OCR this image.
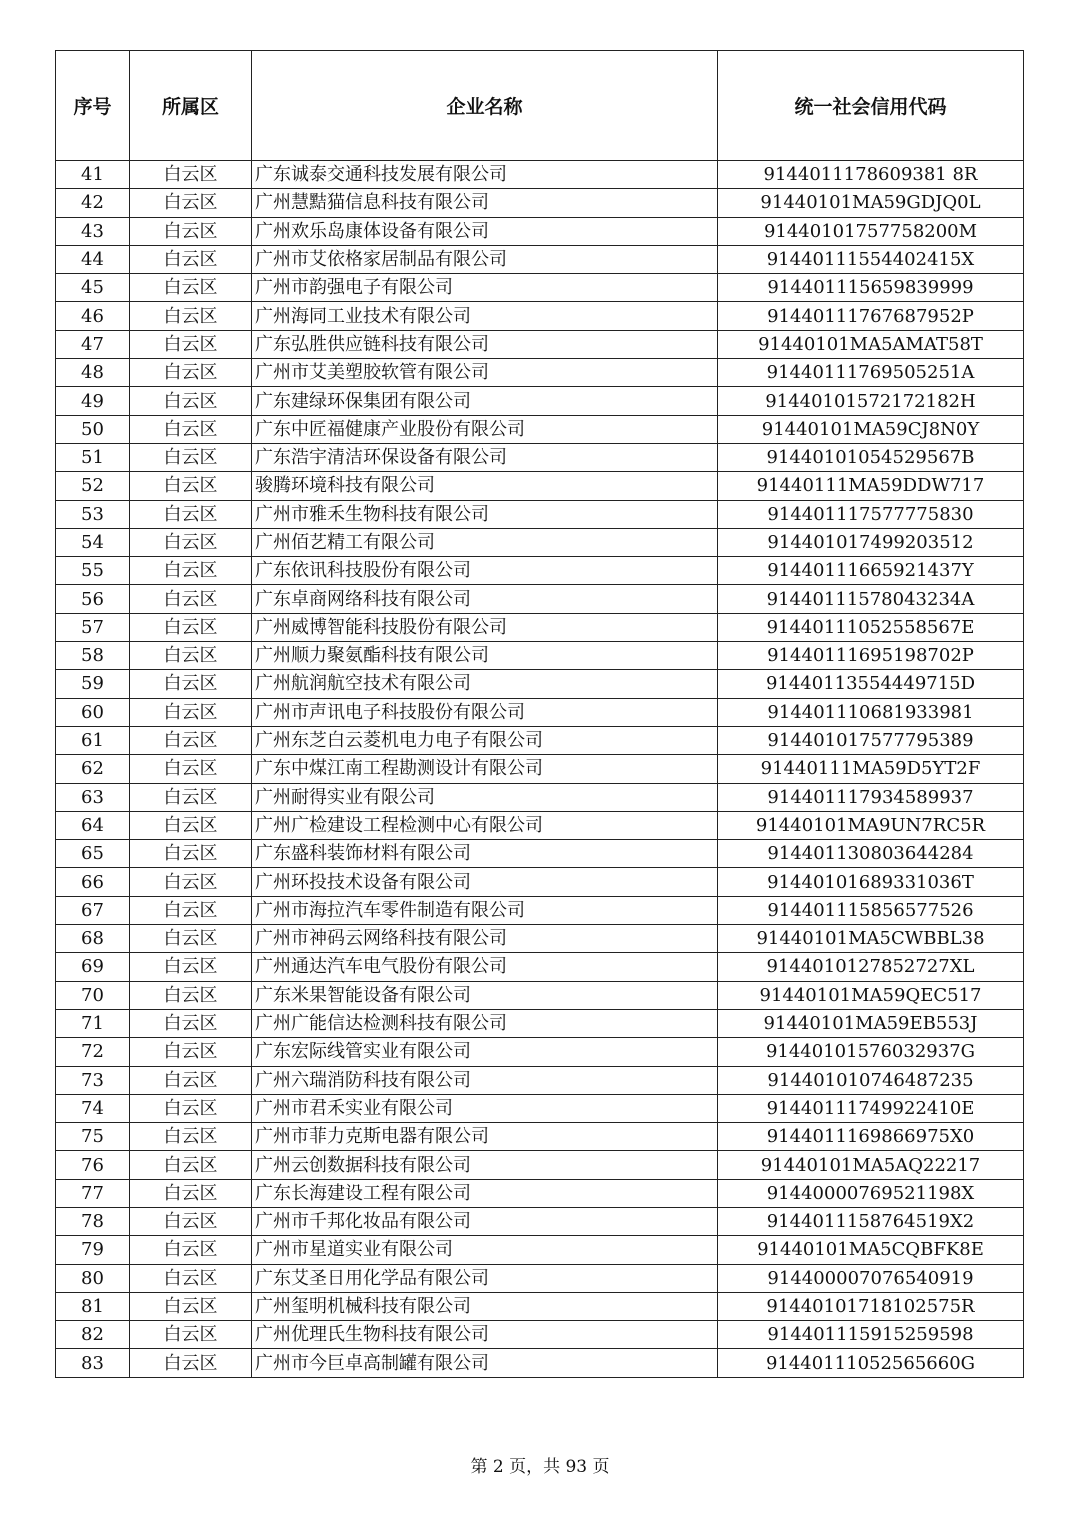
序号	所属区	企业名称	统一社会信用代码
41	白云区	广东诚泰交通科技发展有限公司	9144011178609381 8R
42	白云区	广州慧黠猫信息科技有限公司	91440101MA59GDJQ0L
43	白云区	广州欢乐岛康体设备有限公司	91440101757758200M
44	白云区	广州市艾依格家居制品有限公司	91440111554402415X
45	白云区	广州市韵强电子有限公司	914401115659839999
46	白云区	广州海同工业技术有限公司	91440111767687952P
47	白云区	广东弘胜供应链科技有限公司	91440101MA5AMAT58T
48	白云区	广州市艾美塑胶软管有限公司	91440111769505251A
49	白云区	广东建绿环保集团有限公司	91440101572172182H
50	白云区	广东中匠福健康产业股份有限公司	91440101MA59CJ8N0Y
51	白云区	广东浩宇清洁环保设备有限公司	91440101054529567B
52	白云区	骏腾环境科技有限公司	91440111MA59DDW717
53	白云区	广州市雅禾生物科技有限公司	914401117577775830
54	白云区	广州佰艺精工有限公司	914401017499203512
55	白云区	广东依讯科技股份有限公司	91440111665921437Y
56	白云区	广东卓商网络科技有限公司	91440111578043234A
57	白云区	广州威博智能科技股份有限公司	91440111052558567E
58	白云区	广州顺力聚氨酯科技有限公司	91440111695198702P
59	白云区	广州航润航空技术有限公司	91440113554449715D
60	白云区	广州市声讯电子科技股份有限公司	914401110681933981
61	白云区	广州东芝白云菱机电力电子有限公司	914401017577795389
62	白云区	广东中煤江南工程勘测设计有限公司	91440111MA59D5YT2F
63	白云区	广州耐得实业有限公司	914401117934589937
64	白云区	广州广检建设工程检测中心有限公司	91440101MA9UN7RC5R
65	白云区	广东盛科装饰材料有限公司	914401130803644284
66	白云区	广州环投技术设备有限公司	91440101689331036T
67	白云区	广州市海拉汽车零件制造有限公司	914401115856577526
68	白云区	广州市神码云网络科技有限公司	91440101MA5CWBBL38
69	白云区	广州通达汽车电气股份有限公司	9144010127852727XL
70	白云区	广东米果智能设备有限公司	91440101MA59QEC517
71	白云区	广州广能信达检测科技有限公司	91440101MA59EB553J
72	白云区	广东宏际线管实业有限公司	91440101576032937G
73	白云区	广州六瑞消防科技有限公司	914401010746487235
74	白云区	广州市君禾实业有限公司	91440111749922410E
75	白云区	广州市菲力克斯电器有限公司	9144011169866975X0
76	白云区	广州云创数据科技有限公司	91440101MA5AQ22217
77	白云区	广东长海建设工程有限公司	91440000769521198X
78	白云区	广州市千邦化妆品有限公司	9144011158764519X2
79	白云区	广州市星道实业有限公司	91440101MA5CQBFK8E
80	白云区	广东艾圣日用化学品有限公司	914400007076540919
81	白云区	广州玺明机械科技有限公司	91440101718102575R
82	白云区	广州优理氏生物科技有限公司	914401115915259598
83	白云区	广州市今巨卓高制罐有限公司	91440111052565660G
第 2 页，共 93 页
